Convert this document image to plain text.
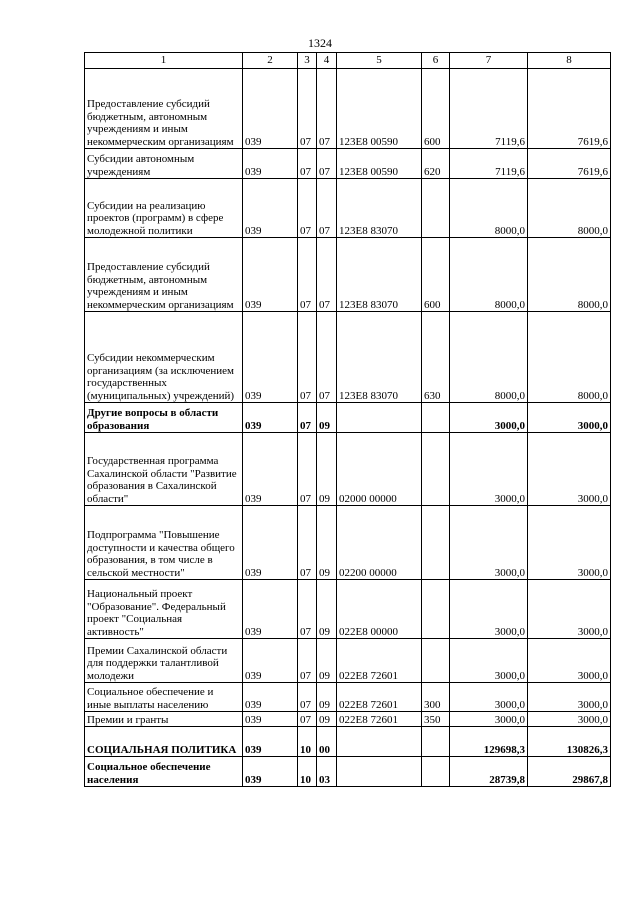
1324
1	2	3	4	5	6	7	8
Предоставление субсидий бюджетным, автономным учреждениям и иным некоммерческим организациям	039	07	07	123E8 00590	600	7119,6	7619,6
Субсидии автономным учреждениям	039	07	07	123E8 00590	620	7119,6	7619,6
Субсидии на реализацию проектов (программ) в сфере молодежной политики	039	07	07	123E8 83070		8000,0	8000,0
Предоставление субсидий бюджетным, автономным учреждениям и иным некоммерческим организациям	039	07	07	123E8 83070	600	8000,0	8000,0
Субсидии некоммерческим организациям (за исключением государственных (муниципальных) учреждений)	039	07	07	123E8 83070	630	8000,0	8000,0
Другие вопросы в области образования	039	07	09			3000,0	3000,0
Государственная программа Сахалинской области "Развитие образования в Сахалинской области"	039	07	09	02000 00000		3000,0	3000,0
Подпрограмма "Повышение доступности и качества общего образования, в том числе в сельской местности"	039	07	09	02200 00000		3000,0	3000,0
Национальный проект "Образование". Федеральный проект "Социальная активность"	039	07	09	022E8 00000		3000,0	3000,0
Премии Сахалинской области для поддержки талантливой молодежи	039	07	09	022E8 72601		3000,0	3000,0
Социальное обеспечение и иные выплаты населению	039	07	09	022E8 72601	300	3000,0	3000,0
Премии и гранты	039	07	09	022E8 72601	350	3000,0	3000,0
СОЦИАЛЬНАЯ ПОЛИТИКА	039	10	00			129698,3	130826,3
Социальное обеспечение населения	039	10	03			28739,8	29867,8
